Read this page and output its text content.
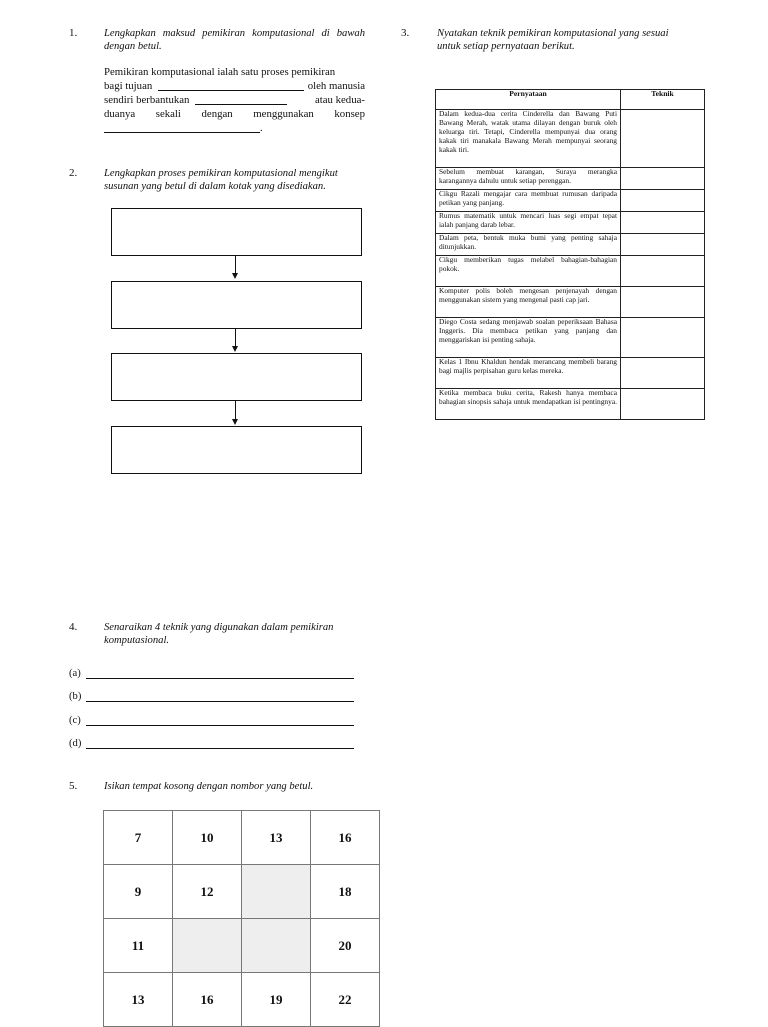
1.	Lengkapkan maksud pemikiran komputasional di bawah dengan betul.
Pemikiran komputasional ialah satu proses pemikiran
bagi tujuan	oleh manusia
sendiri berbantukan	atau kedua-
duanya sekali dengan menggunakan konsep
.
2.	Lengkapkan proses pemikiran komputasional mengikut susunan yang betul di dalam kotak yang disediakan.
3.	Nyatakan teknik pemikiran komputasional yang sesuai untuk setiap pernyataan berikut.
Pernyataan	Teknik
Dalam kedua-dua cerita Cinderella dan Bawang Puti Bawang Merah, watak utama dilayan dengan buruk oleh keluarga tiri. Tetapi, Cinderella mempunyai dua orang kakak tiri manakala Bawang Merah mempunyai seorang kakak tiri.	
Sebelum membuat karangan, Suraya merangka karangannya dahulu untuk setiap perenggan.	
Cikgu Razali mengajar cara membuat rumusan daripada petikan yang panjang.	
Rumus matematik untuk mencari luas segi empat tepat ialah panjang darab lebar.	
Dalam peta, bentuk muka bumi yang penting sahaja ditunjukkan.	
Cikgu memberikan tugas melabel bahagian-bahagian pokok.	
Komputer polis boleh mengesan penjenayah dengan menggunakan sistem yang mengenal pasti cap jari.	
Diego Costa sedang menjawab soalan peperiksaan Bahasa Inggeris. Dia membaca petikan yang panjang dan menggariskan isi penting sahaja.	
Kelas 1 Ibnu Khaldun hendak merancang membeli barang bagi majlis perpisahan guru kelas mereka.	
Ketika membaca buku cerita, Rakesh hanya membaca bahagian sinopsis sahaja untuk mendapatkan isi pentingnya.	
4.	Senaraikan 4 teknik yang digunakan dalam pemikiran komputasional.
(a)
(b)
(c)
(d)
5.	Isikan tempat kosong dengan nombor yang betul.
7	10	13	16
9	12		18
11			20
13	16	19	22
